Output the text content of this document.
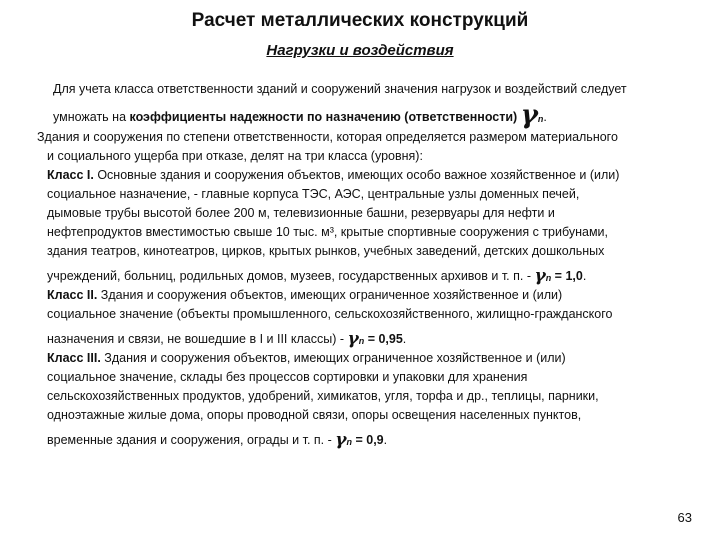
Расчет металлических конструкций
Нагрузки и воздействия
Для учета класса ответственности зданий и сооружений значения нагрузок и воздействий следует
умножать на коэффициенты надежности по назначению (ответственности) γn.
Здания и сооружения по степени ответственности, которая определяется размером материального
и социального ущерба при отказе, делят на три класса (уровня):
Класс I. Основные здания и сооружения объектов, имеющих особо важное хозяйственное и (или)
социальное назначение, - главные корпуса ТЭС, АЭС, центральные узлы доменных печей,
дымовые трубы высотой более 200 м, телевизионные башни, резервуары для нефти и
нефтепродуктов вместимостью свыше 10 тыс. м³, крытые спортивные сооружения с трибунами,
здания театров, кинотеатров, цирков, крытых рынков, учебных заведений, детских дошкольных
учреждений, больниц, родильных домов, музеев, государственных архивов и т. п. - γn = 1,0.
Класс II. Здания и сооружения объектов, имеющих ограниченное хозяйственное и (или)
социальное значение (объекты промышленного, сельскохозяйственного, жилищно-гражданского
назначения и связи, не вошедшие в I и III классы) - γn = 0,95.
Класс III. Здания и сооружения объектов, имеющих ограниченное хозяйственное и (или)
социальное значение, склады без процессов сортировки и упаковки для хранения
сельскохозяйственных продуктов, удобрений, химикатов, угля, торфа и др., теплицы, парники,
одноэтажные жилые дома, опоры проводной связи, опоры освещения населенных пунктов,
временные здания и сооружения, ограды и т. п. - γn = 0,9.
63
